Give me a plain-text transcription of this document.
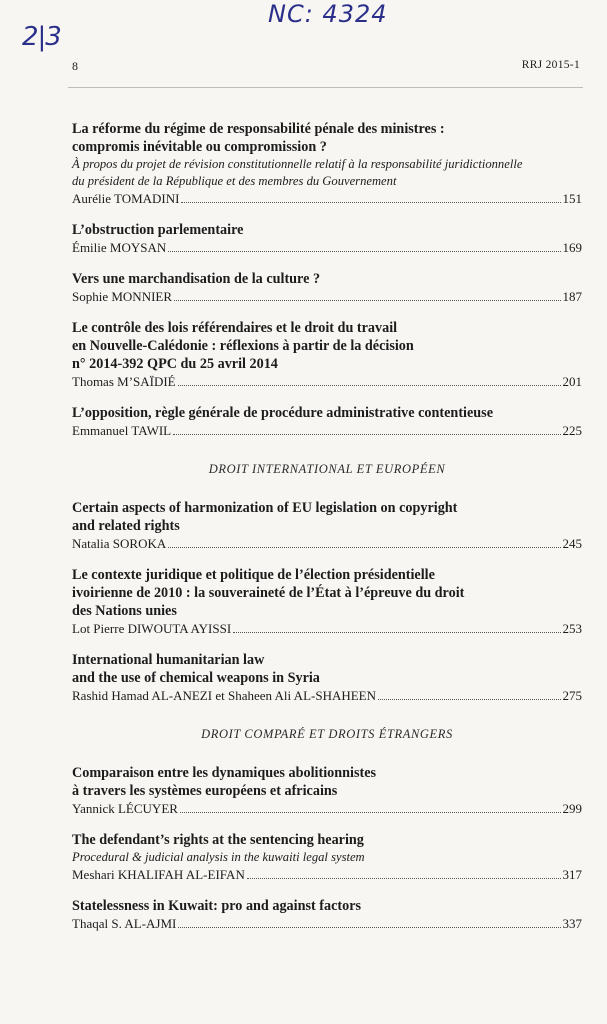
2|3
NC: 4324
8	RRJ 2015-1
La réforme du régime de responsabilité pénale des ministres :
compromis inévitable ou compromission ?
À propos du projet de révision constitutionnelle relatif à la responsabilité juridictionnelle
du président de la République et des membres du Gouvernement
Aurélie TOMADINI	151
L’obstruction parlementaire
Émilie MOYSAN	169
Vers une marchandisation de la culture ?
Sophie MONNIER	187
Le contrôle des lois référendaires et le droit du travail
en Nouvelle-Calédonie : réflexions à partir de la décision
n° 2014-392 QPC du 25 avril 2014
Thomas M’SAÏDIÉ	201
L’opposition, règle générale de procédure administrative contentieuse
Emmanuel TAWIL	225
DROIT INTERNATIONAL ET EUROPÉEN
Certain aspects of harmonization of EU legislation on copyright
and related rights
Natalia SOROKA	245
Le contexte juridique et politique de l’élection présidentielle
ivoirienne de 2010 : la souveraineté de l’État à l’épreuve du droit
des Nations unies
Lot Pierre DIWOUTA AYISSI	253
International humanitarian law
and the use of chemical weapons in Syria
Rashid Hamad AL-ANEZI et Shaheen Ali AL-SHAHEEN	275
DROIT COMPARÉ ET DROITS ÉTRANGERS
Comparaison entre les dynamiques abolitionnistes
à travers les systèmes européens et africains
Yannick LÉCUYER	299
The defendant’s rights at the sentencing hearing
Procedural & judicial analysis in the kuwaiti legal system
Meshari KHALIFAH AL-EIFAN	317
Statelessness in Kuwait: pro and against factors
Thaqal S. AL-AJMI	337
